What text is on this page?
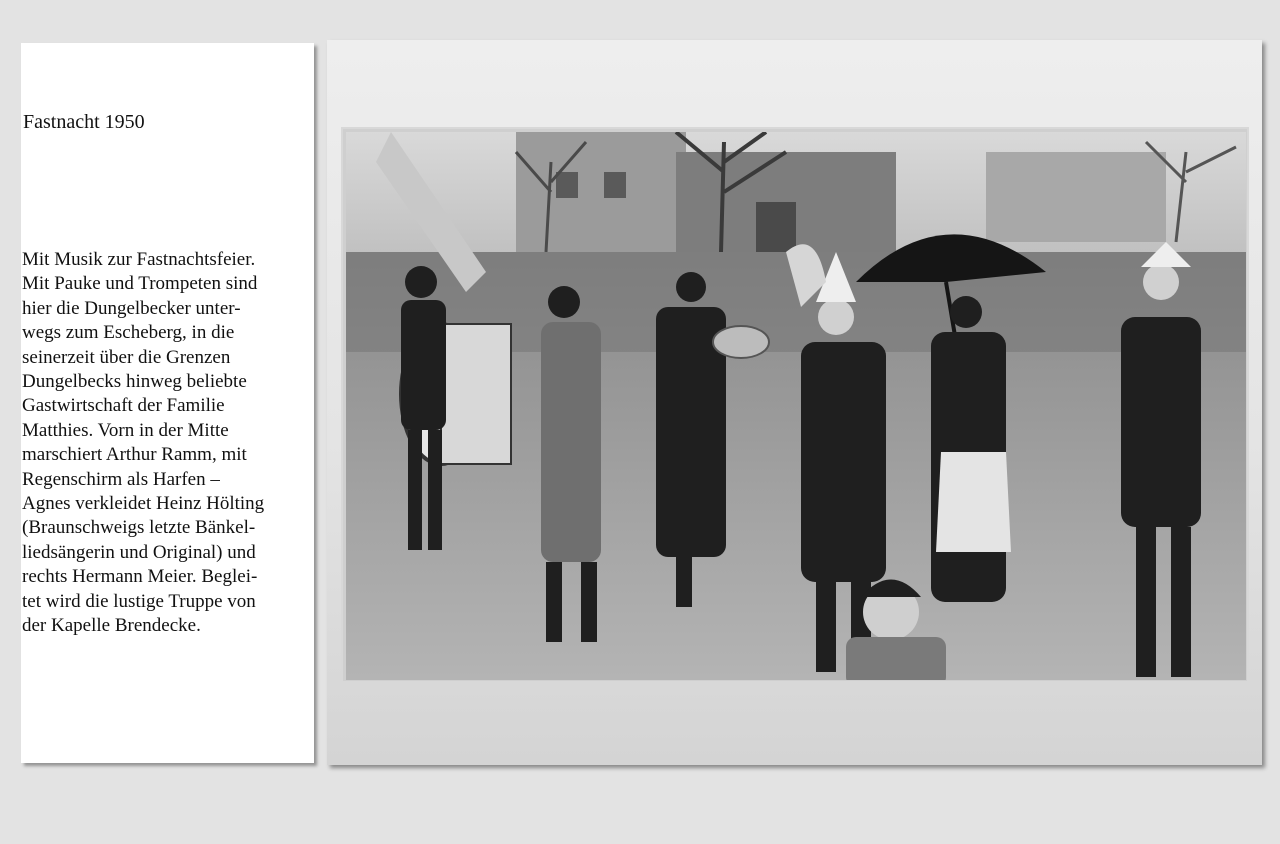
Fastnacht 1950

Mit Musik zur Fastnachtsfeier.
Mit Pauke und Trompeten sind
hier die Dungelbecker unter-
wegs zum Escheberg, in die
seinerzeit über die Grenzen
Dungelbecks hinweg beliebte
Gastwirtschaft der Familie
Matthies. Vorn in der Mitte
marschiert Arthur Ramm, mit
Regenschirm als Harfen –
Agnes verkleidet Heinz Hölting
(Braunschweigs letzte Bänkel-
liedsängerin und Original) und
rechts Hermann Meier. Beglei-
tet wird die lustige Truppe von
der Kapelle Brendecke.
